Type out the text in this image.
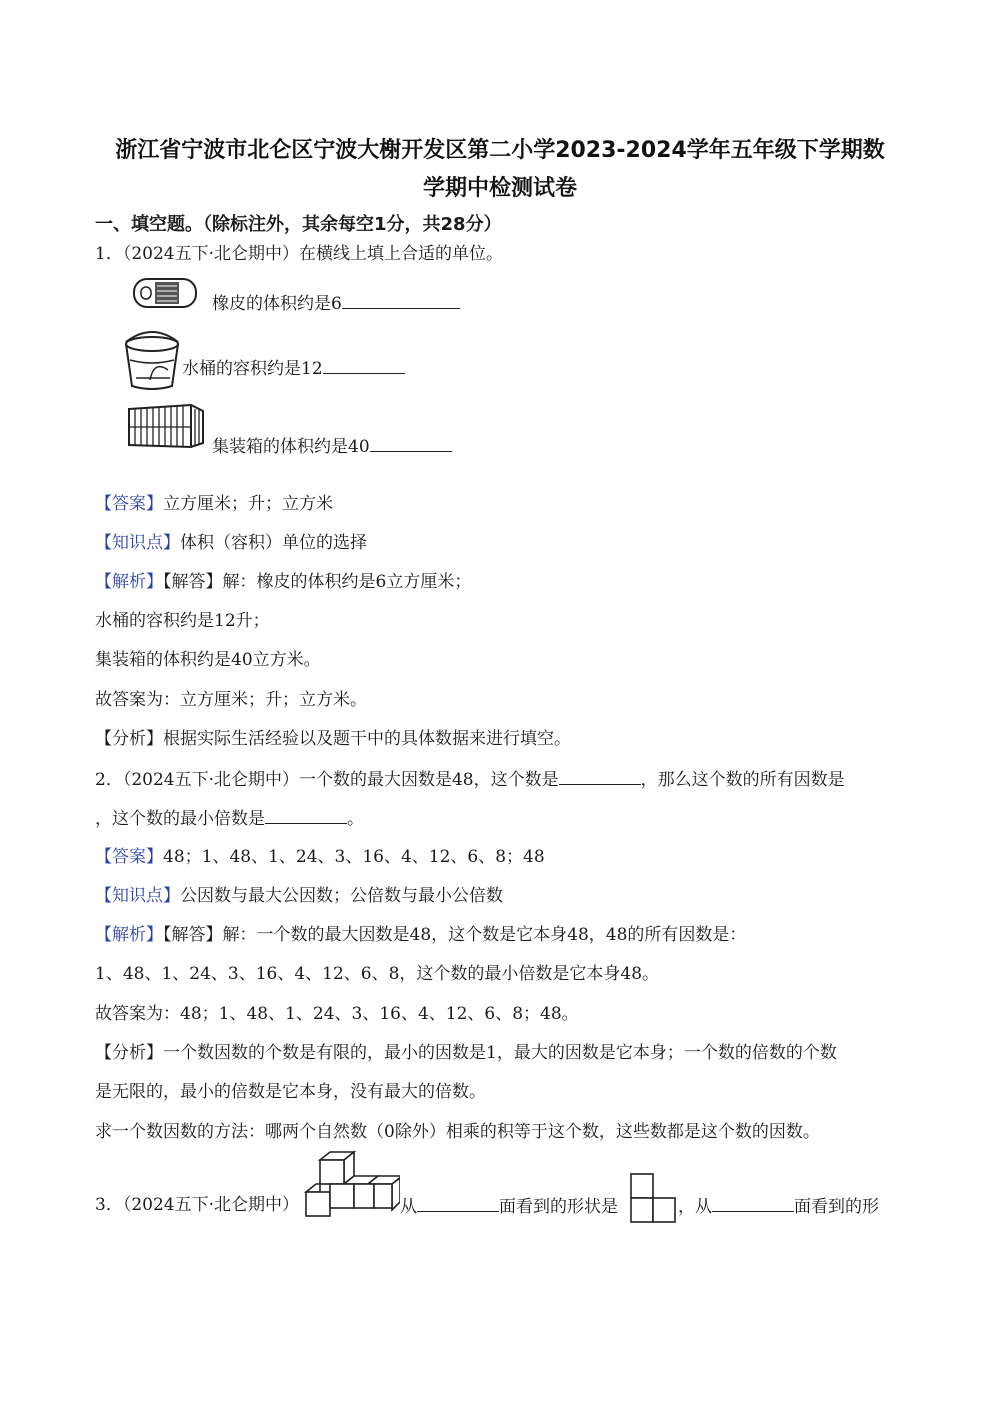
浙江省宁波市北仑区宁波大榭开发区第二小学2023-2024学年五年级下学期数
学期中检测试卷
一、填空题。（除标注外，其余每空1分，共28分）
1．（2024五下·北仑期中）在横线上填上合适的单位。
橡皮的体积约是6
水桶的容积约是12
集装箱的体积约是40
【答案】立方厘米；升；立方米
【知识点】体积（容积）单位的选择
【解析】【解答】解：橡皮的体积约是6立方厘米；
水桶的容积约是12升；
集装箱的体积约是40立方米。
故答案为：立方厘米；升；立方米。
【分析】根据实际生活经验以及题干中的具体数据来进行填空。
2．（2024五下·北仑期中）一个数的最大因数是48，这个数是	，那么这个数的所有因数是
，这个数的最小倍数是	。
【答案】48；1、48、1、24、3、16、4、12、6、8；48
【知识点】公因数与最大公因数；公倍数与最小公倍数
【解析】【解答】解：一个数的最大因数是48，这个数是它本身48，48的所有因数是：
1、48、1、24、3、16、4、12、6、8，这个数的最小倍数是它本身48。
故答案为：48；1、48、1、24、3、16、4、12、6、8；48。
【分析】一个数因数的个数是有限的，最小的因数是1，最大的因数是它本身；一个数的倍数的个数
是无限的，最小的倍数是它本身，没有最大的倍数。
求一个数因数的方法：哪两个自然数（0除外）相乘的积等于这个数，这些数都是这个数的因数。
3．（2024五下·北仑期中）	从	面看到的形状是	，从	面看到的形
